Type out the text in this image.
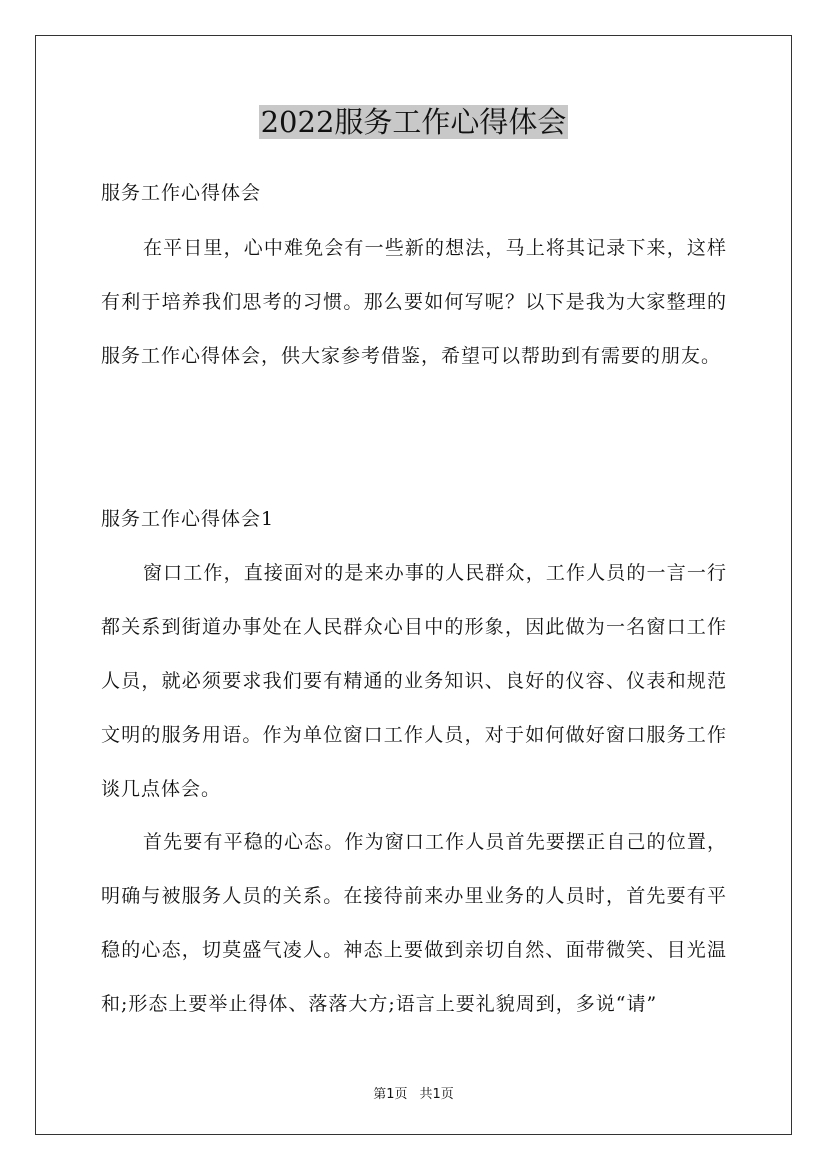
2022服务工作心得体会

服务工作心得体会

在平日里，心中难免会有一些新的想法，马上将其记录下来，这样有利于培养我们思考的习惯。那么要如何写呢？以下是我为大家整理的服务工作心得体会，供大家参考借鉴，希望可以帮助到有需要的朋友。

服务工作心得体会1

窗口工作，直接面对的是来办事的人民群众，工作人员的一言一行都关系到街道办事处在人民群众心目中的形象，因此做为一名窗口工作人员，就必须要求我们要有精通的业务知识、良好的仪容、仪表和规范文明的服务用语。作为单位窗口工作人员，对于如何做好窗口服务工作谈几点体会。

首先要有平稳的心态。作为窗口工作人员首先要摆正自己的位置，明确与被服务人员的关系。在接待前来办里业务的人员时，首先要有平稳的心态，切莫盛气凌人。神态上要做到亲切自然、面带微笑、目光温和;形态上要举止得体、落落大方;语言上要礼貌周到，多说“请”

第1页 共1页
